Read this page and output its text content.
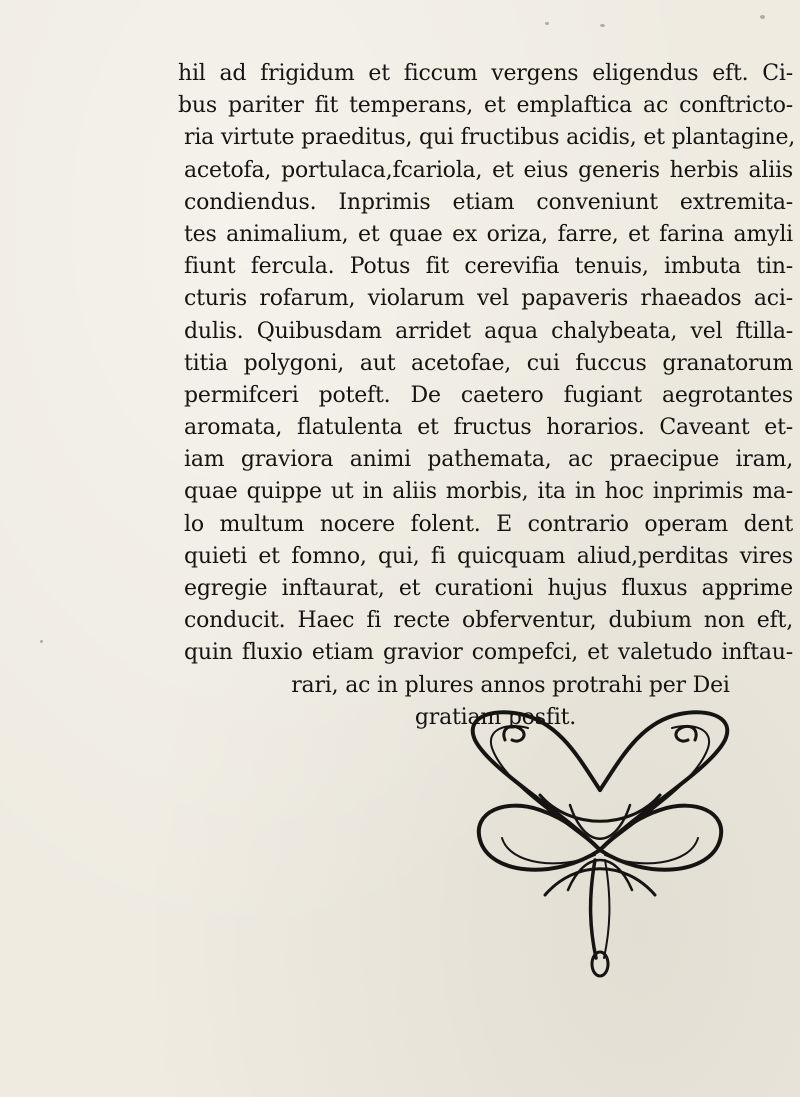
hil ad frigidum et ficcum vergens eligendus eft. Ci-
bus pariter fit temperans, et emplaftica ac conftricto-
ria virtute praeditus, qui fructibus acidis, et plantagine,
acetofa, portulaca,fcariola, et eius generis herbis aliis
condiendus. Inprimis etiam conveniunt extremita-
tes animalium, et quae ex oriza, farre, et farina amyli
fiunt fercula. Potus fit cerevifia tenuis, imbuta tin-
cturis rofarum, violarum vel papaveris rhaeados aci-
dulis. Quibusdam arridet aqua chalybeata, vel ftilla-
titia polygoni, aut acetofae, cui fuccus granatorum
permifceri poteft. De caetero fugiant aegrotantes
aromata, flatulenta et fructus horarios. Caveant et-
iam graviora animi pathemata, ac praecipue iram,
quae quippe ut in aliis morbis, ita in hoc inprimis ma-
lo multum nocere folent. E contrario operam dent
quieti et fomno, qui, fi quicquam aliud,perditas vires
egregie inftaurat, et curationi hujus fluxus apprime
conducit. Haec fi recte obferventur, dubium non eft,
quin fluxio etiam gravior compefci, et valetudo inftau-
rari, ac in plures annos protrahi per Dei
gratiam posfit.
